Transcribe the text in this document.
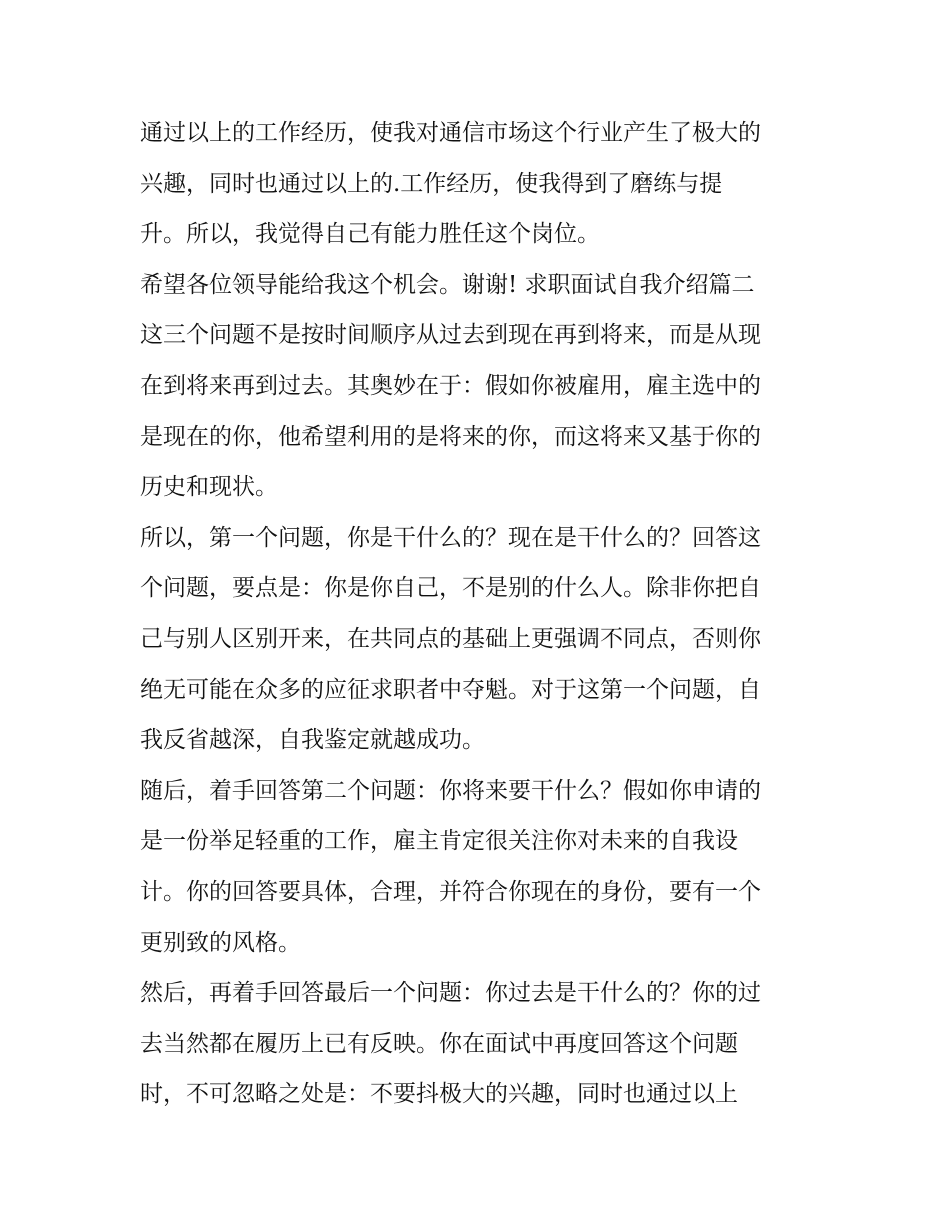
通过以上的工作经历，使我对通信市场这个行业产生了极大的
兴趣，同时也通过以上的.工作经历，使我得到了磨练与提
升。所以，我觉得自己有能力胜任这个岗位。
希望各位领导能给我这个机会。谢谢! 求职面试自我介绍篇二
这三个问题不是按时间顺序从过去到现在再到将来，而是从现
在到将来再到过去。其奥妙在于：假如你被雇用，雇主选中的
是现在的你，他希望利用的是将来的你，而这将来又基于你的
历史和现状。
所以，第一个问题，你是干什么的？现在是干什么的？回答这
个问题，要点是：你是你自己，不是别的什么人。除非你把自
己与别人区别开来，在共同点的基础上更强调不同点，否则你
绝无可能在众多的应征求职者中夺魁。对于这第一个问题，自
我反省越深，自我鉴定就越成功。
随后，着手回答第二个问题：你将来要干什么？假如你申请的
是一份举足轻重的工作，雇主肯定很关注你对未来的自我设
计。你的回答要具体，合理，并符合你现在的身份，要有一个
更别致的风格。
然后，再着手回答最后一个问题：你过去是干什么的？你的过
去当然都在履历上已有反映。你在面试中再度回答这个问题
时，不可忽略之处是：不要抖极大的兴趣，同时也通过以上
